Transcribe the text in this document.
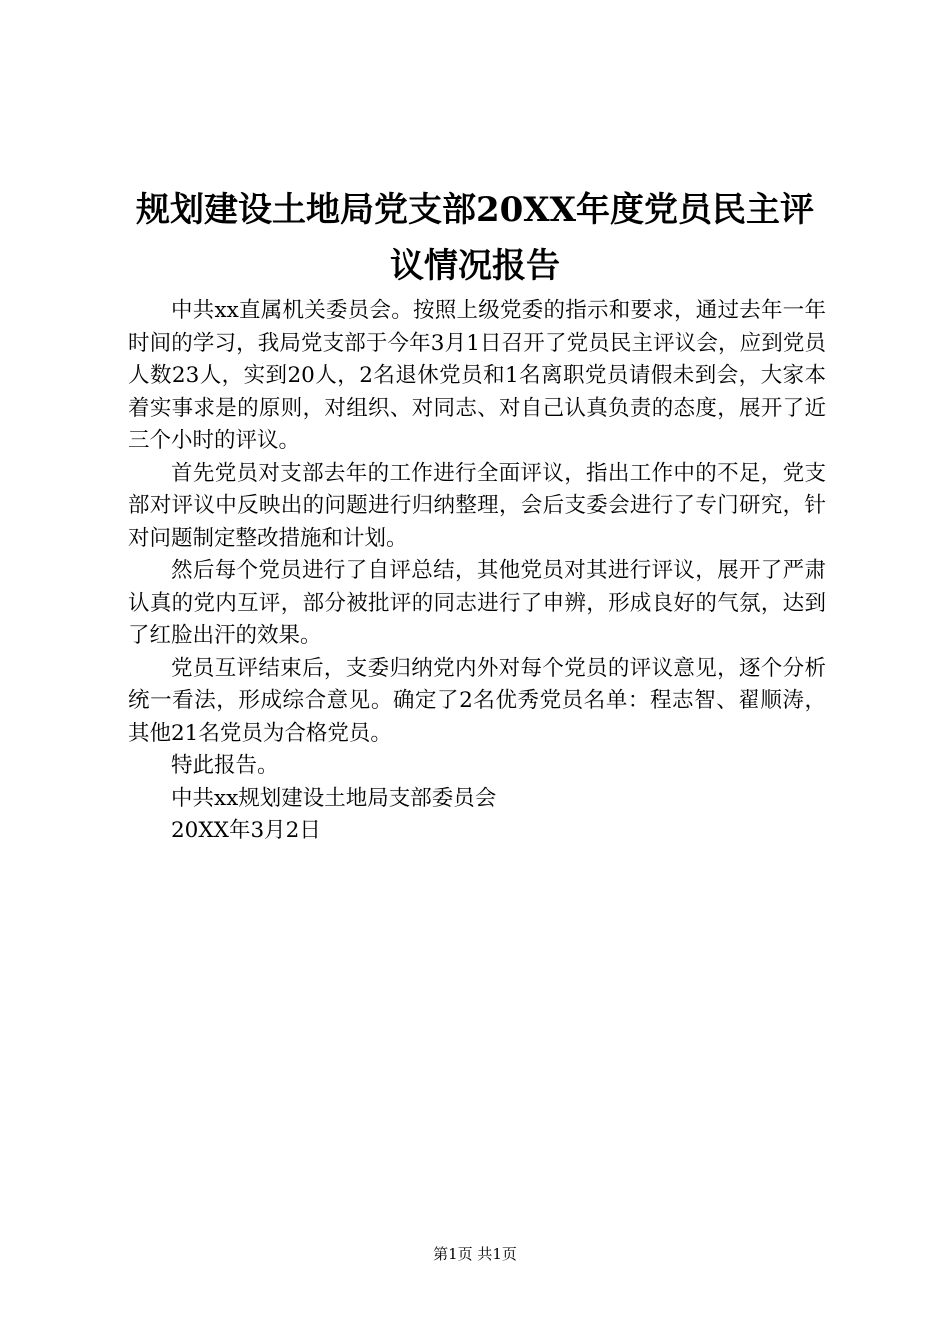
规划建设土地局党支部20XX年度党员民主评
议情况报告

中共xx直属机关委员会。按照上级党委的指示和要求，通过去年一年时间的学习，我局党支部于今年3月1日召开了党员民主评议会，应到党员人数23人，实到20人，2名退休党员和1名离职党员请假未到会，大家本着实事求是的原则，对组织、对同志、对自己认真负责的态度，展开了近三个小时的评议。

首先党员对支部去年的工作进行全面评议，指出工作中的不足，党支部对评议中反映出的问题进行归纳整理，会后支委会进行了专门研究，针对问题制定整改措施和计划。

然后每个党员进行了自评总结，其他党员对其进行评议，展开了严肃认真的党内互评，部分被批评的同志进行了申辨，形成良好的气氛，达到了红脸出汗的效果。

党员互评结束后，支委归纳党内外对每个党员的评议意见，逐个分析统一看法，形成综合意见。确定了2名优秀党员名单：程志智、翟顺涛，其他21名党员为合格党员。

特此报告。

中共xx规划建设土地局支部委员会

20XX年3月2日

第1页 共1页
